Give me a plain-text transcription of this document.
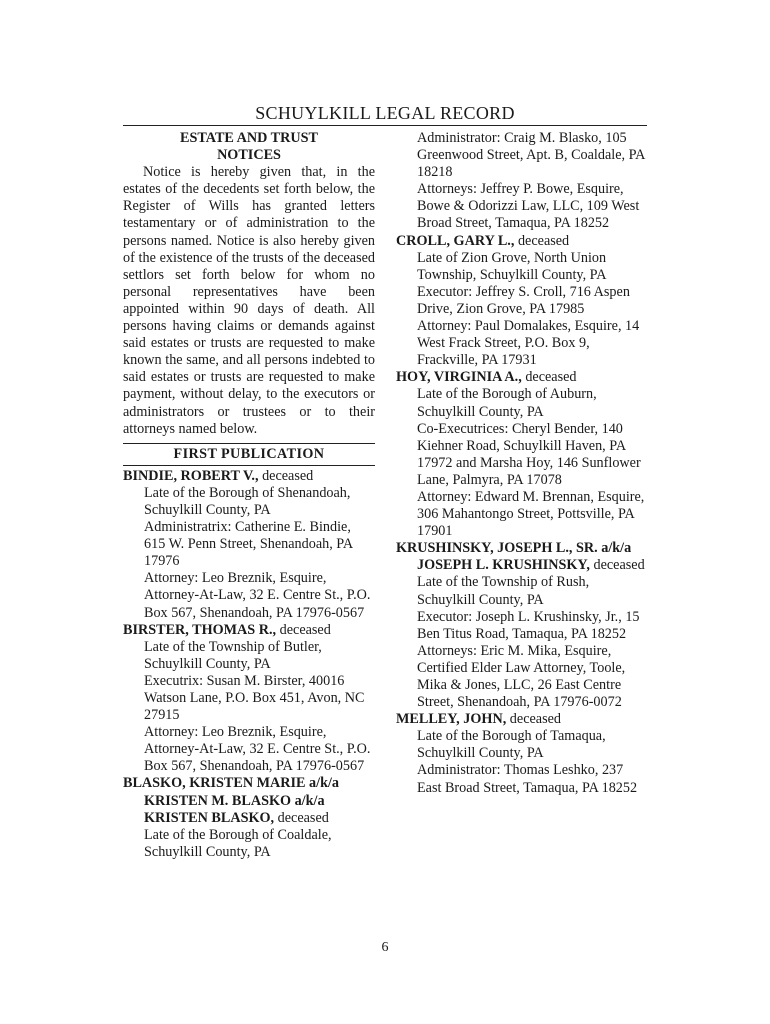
SCHUYLKILL LEGAL RECORD
ESTATE AND TRUST
NOTICES

Notice is hereby given that, in the estates of the decedents set forth below, the Register of Wills has granted letters testamentary or of administration to the persons named. Notice is also hereby given of the existence of the trusts of the deceased settlors set forth below for whom no personal representatives have been appointed within 90 days of death. All persons having claims or demands against said estates or trusts are requested to make known the same, and all persons indebted to said estates or trusts are requested to make payment, without delay, to the executors or administrators or trustees or to their attorneys named below.

FIRST PUBLICATION
BINDIE, ROBERT V., deceased
Late of the Borough of Shenandoah, Schuylkill County, PA
Administratrix: Catherine E. Bindie, 615 W. Penn Street, Shenandoah, PA 17976
Attorney: Leo Breznik, Esquire, Attorney-At-Law, 32 E. Centre St., P.O. Box 567, Shenandoah, PA 17976-0567
BIRSTER, THOMAS R., deceased
Late of the Township of Butler, Schuylkill County, PA
Executrix: Susan M. Birster, 40016 Watson Lane, P.O. Box 451, Avon, NC 27915
Attorney: Leo Breznik, Esquire, Attorney-At-Law, 32 E. Centre St., P.O. Box 567, Shenandoah, PA 17976-0567
BLASKO, KRISTEN MARIE a/k/a KRISTEN M. BLASKO a/k/a KRISTEN BLASKO, deceased
Late of the Borough of Coaldale, Schuylkill County, PA
Administrator: Craig M. Blasko, 105 Greenwood Street, Apt. B, Coaldale, PA 18218
Attorneys: Jeffrey P. Bowe, Esquire, Bowe & Odorizzi Law, LLC, 109 West Broad Street, Tamaqua, PA 18252
CROLL, GARY L., deceased
Late of Zion Grove, North Union Township, Schuylkill County, PA
Executor: Jeffrey S. Croll, 716 Aspen Drive, Zion Grove, PA 17985
Attorney: Paul Domalakes, Esquire, 14 West Frack Street, P.O. Box 9, Frackville, PA 17931
HOY, VIRGINIA A., deceased
Late of the Borough of Auburn, Schuylkill County, PA
Co-Executrices: Cheryl Bender, 140 Kiehner Road, Schuylkill Haven, PA 17972 and Marsha Hoy, 146 Sunflower Lane, Palmyra, PA 17078
Attorney: Edward M. Brennan, Esquire, 306 Mahantongo Street, Pottsville, PA 17901
KRUSHINSKY, JOSEPH L., SR. a/k/a JOSEPH L. KRUSHINSKY, deceased
Late of the Township of Rush, Schuylkill County, PA
Executor: Joseph L. Krushinsky, Jr., 15 Ben Titus Road, Tamaqua, PA 18252
Attorneys: Eric M. Mika, Esquire, Certified Elder Law Attorney, Toole, Mika & Jones, LLC, 26 East Centre Street, Shenandoah, PA 17976-0072
MELLEY, JOHN, deceased
Late of the Borough of Tamaqua, Schuylkill County, PA
Administrator: Thomas Leshko, 237 East Broad Street, Tamaqua, PA 18252
6
